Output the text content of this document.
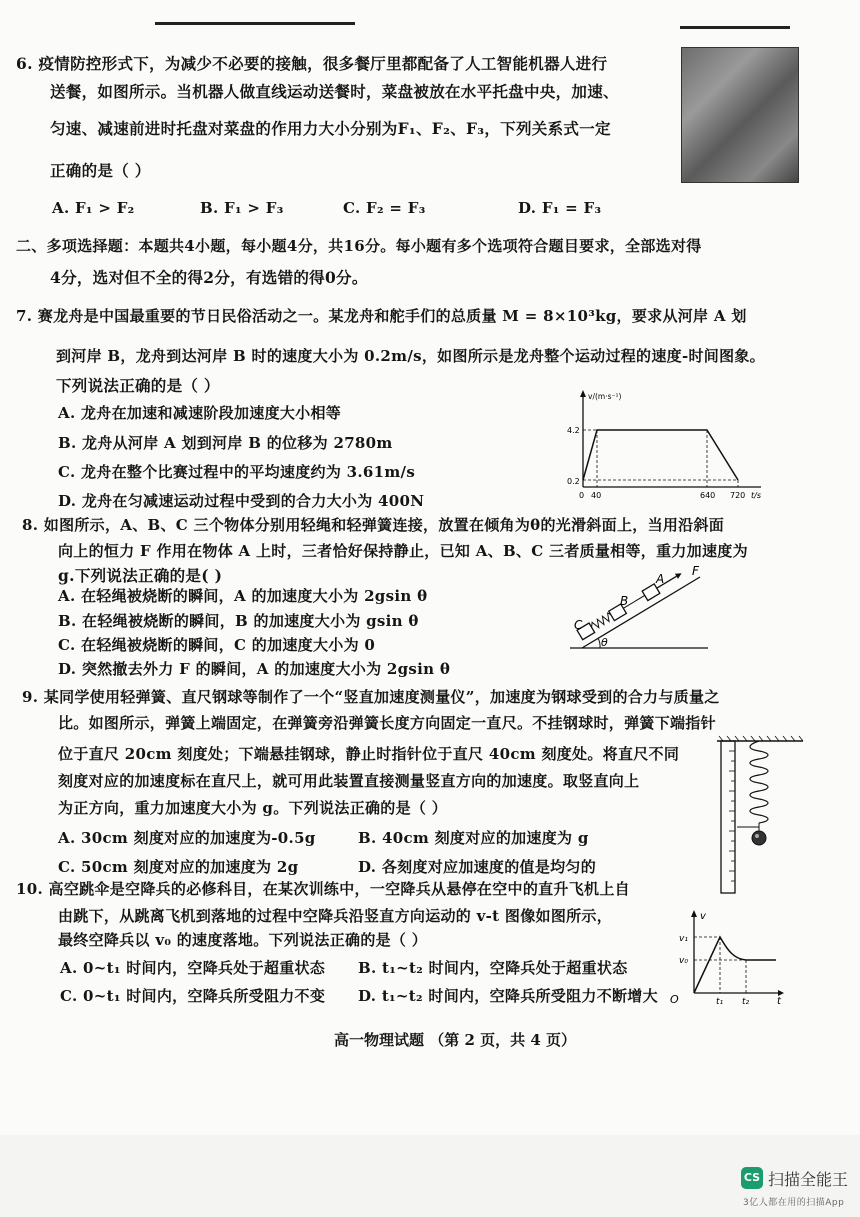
6. 疫情防控形式下，为减少不必要的接触，很多餐厅里都配备了人工智能机器人进行
送餐，如图所示。当机器人做直线运动送餐时，菜盘被放在水平托盘中央，加速、
匀速、减速前进时托盘对菜盘的作用力大小分别为F₁、F₂、F₃，下列关系式一定
正确的是（ ）
A. F₁ > F₂	B. F₁ > F₃	C. F₂ = F₃	D. F₁ = F₃
二、多项选择题：本题共4小题，每小题4分，共16分。每小题有多个选项符合题目要求，全部选对得
4分，选对但不全的得2分，有选错的得0分。
7. 赛龙舟是中国最重要的节日民俗活动之一。某龙舟和舵手们的总质量 M = 8×10³kg，要求从河岸 A 划
到河岸 B，龙舟到达河岸 B 时的速度大小为 0.2m/s，如图所示是龙舟整个运动过程的速度-时间图象。
下列说法正确的是（ ）
A. 龙舟在加速和减速阶段加速度大小相等
B. 龙舟从河岸 A 划到河岸 B 的位移为 2780m
C. 龙舟在整个比赛过程中的平均速度约为 3.61m/s
D. 龙舟在匀减速运动过程中受到的合力大小为 400N
v/(m·s⁻¹)
4.2
0.2
0 40	640 720 t/s
8. 如图所示，A、B、C 三个物体分别用轻绳和轻弹簧连接，放置在倾角为θ的光滑斜面上，当用沿斜面
向上的恒力 F 作用在物体 A 上时，三者恰好保持静止，已知 A、B、C 三者质量相等，重力加速度为
g.下列说法正确的是( )
A. 在轻绳被烧断的瞬间，A 的加速度大小为 2gsin θ
B. 在轻绳被烧断的瞬间，B 的加速度大小为 gsin θ
C. 在轻绳被烧断的瞬间，C 的加速度大小为 0
D. 突然撤去外力 F 的瞬间，A 的加速度大小为 2gsin θ
θ
C
B
A
F
9. 某同学使用轻弹簧、直尺钢球等制作了一个“竖直加速度测量仪”，加速度为钢球受到的合力与质量之
比。如图所示，弹簧上端固定，在弹簧旁沿弹簧长度方向固定一直尺。不挂钢球时，弹簧下端指针
位于直尺 20cm 刻度处；下端悬挂钢球，静止时指针位于直尺 40cm 刻度处。将直尺不同
刻度对应的加速度标在直尺上，就可用此装置直接测量竖直方向的加速度。取竖直向上
为正方向，重力加速度大小为 g。下列说法正确的是（ ）
A. 30cm 刻度对应的加速度为-0.5g	B. 40cm 刻度对应的加速度为 g
C. 50cm 刻度对应的加速度为 2g	D. 各刻度对应加速度的值是均匀的
10. 高空跳伞是空降兵的必修科目，在某次训练中，一空降兵从悬停在空中的直升飞机上自
由跳下，从跳离飞机到落地的过程中空降兵沿竖直方向运动的 v-t 图像如图所示，
最终空降兵以 v₀ 的速度落地。下列说法正确的是（ ）
A. 0~t₁ 时间内，空降兵处于超重状态 B. t₁~t₂ 时间内，空降兵处于超重状态
C. 0~t₁ 时间内，空降兵所受阻力不变 D. t₁~t₂ 时间内，空降兵所受阻力不断增大
v
v₁
v₀
O	t₁ t₂	t
高一物理试题 （第 2 页，共 4 页）
CS 扫描全能王
3亿人都在用的扫描App
